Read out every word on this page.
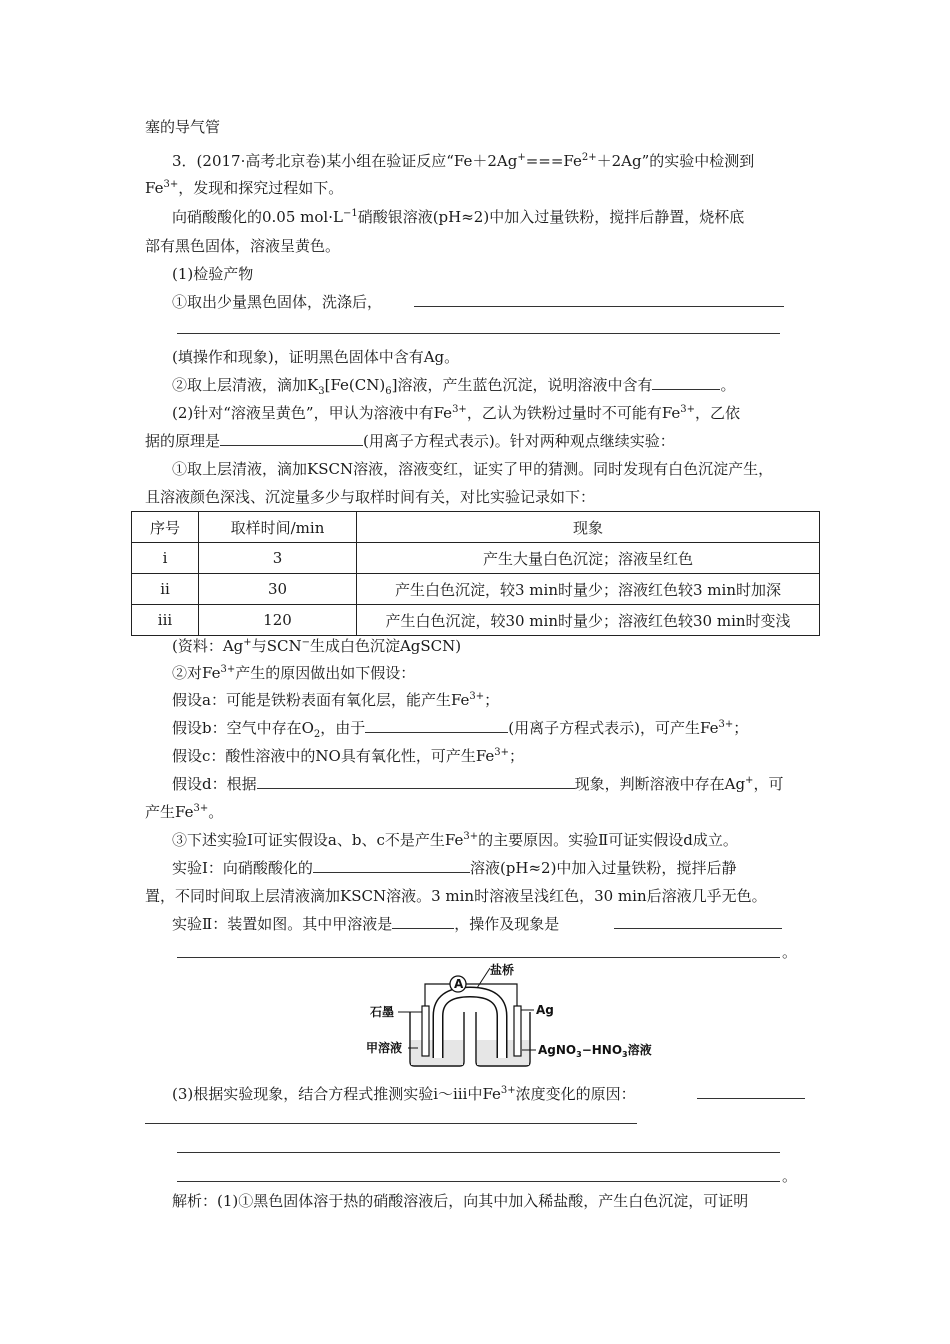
塞的导气管
3．(2017·高考北京卷)某小组在验证反应“$Fe+2Ag^+===Fe^{2+}+2Ag$”的实验中检测到
$Fe^{3+}$，发现和探究过程如下。
向硝酸酸化的0.05 $mol\cdot L^{-1}$硝酸银溶液(pH≈2)中加入过量铁粉，搅拌后静置，烧杯底
部有黑色固体，溶液呈黄色。
(1)检验产物
①取出少量黑色固体，洗涤后，
(填操作和现象)，证明黑色固体中含有Ag。
②取上层清液，滴加$K_3[Fe(CN)_6]$溶液，产生蓝色沉淀，说明溶液中含有	。
(2)针对“溶液呈黄色”，甲认为溶液中有$Fe^{3+}$，乙认为铁粉过量时不可能有$Fe^{3+}$，乙依
据的原理是	(用离子方程式表示)。针对两种观点继续实验：
①取上层清液，滴加KSCN溶液，溶液变红，证实了甲的猜测。同时发现有白色沉淀产生，
且溶液颜色深浅、沉淀量多少与取样时间有关，对比实验记录如下：
序号	取样时间/min	现象
i	3	产生大量白色沉淀；溶液呈红色
ii	30	产生白色沉淀，较3 min时量少；溶液红色较3 min时加深
iii	120	产生白色沉淀，较30 min时量少；溶液红色较30 min时变浅
(资料：Ag+与SCN−生成白色沉淀AgSCN)
②对$Fe^{3+}$产生的原因做出如下假设：
假设a：可能是铁粉表面有氧化层，能产生$Fe^{3+}$；
假设b：空气中存在$O_2$，由于	(用离子方程式表示)，可产生$Fe^{3+}$；
假设c：酸性溶液中的NO具有氧化性，可产生$Fe^{3+}$；
假设d：根据	现象，判断溶液中存在Ag+，可
产生$Fe^{3+}$。
③下述实验Ⅰ可证实假设a、b、c不是产生$Fe^{3+}$的主要原因。实验Ⅱ可证实假设d成立。
实验Ⅰ：向硝酸酸化的	溶液(pH≈2)中加入过量铁粉，搅拌后静
置，不同时间取上层清液滴加KSCN溶液。3 min时溶液呈浅红色，30 min后溶液几乎无色。
实验Ⅱ：装置如图。其中甲溶液是	，操作及现象是
。
A
盐桥
石墨	Ag
甲溶液	$AgNO_3-HNO_3$溶液
(3)根据实验现象，结合方程式推测实验ⅰ～ⅲ中$Fe^{3+}$浓度变化的原因：
。
解析：(1)①黑色固体溶于热的硝酸溶液后，向其中加入稀盐酸，产生白色沉淀，可证明
